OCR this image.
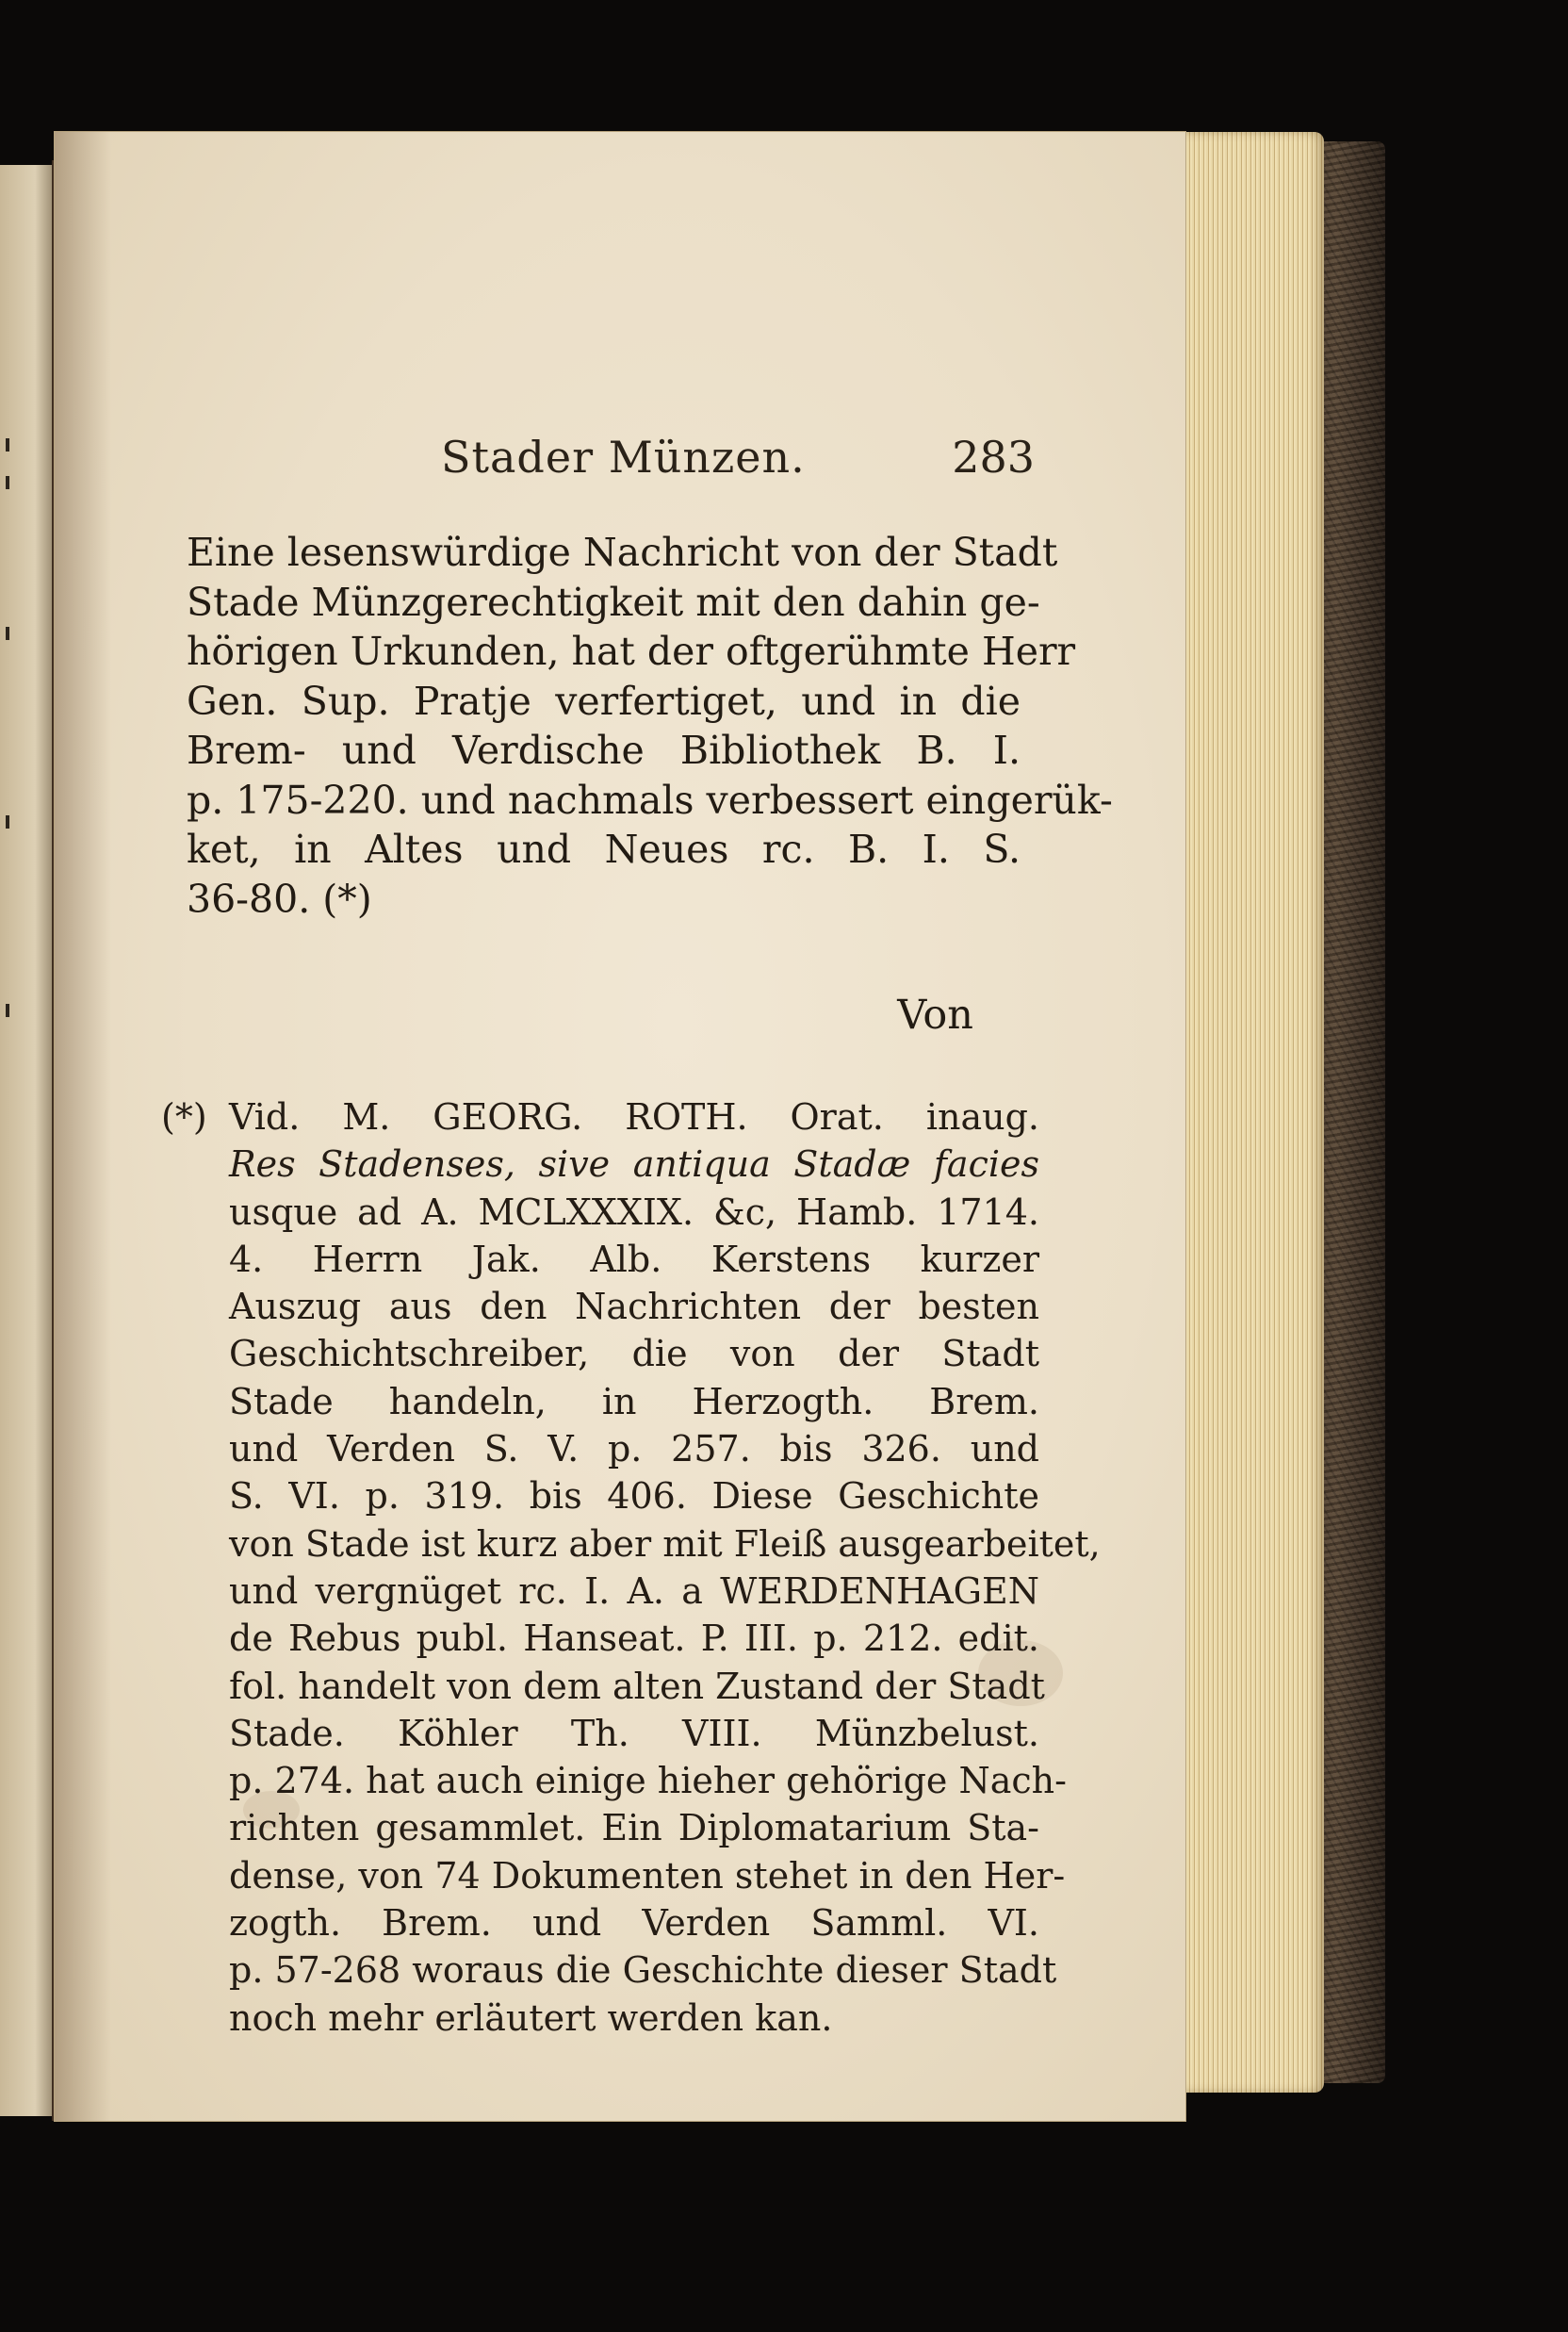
Stader Münzen.	283
Eine lesenswürdige Nachricht von der Stadt
Stade Münzgerechtigkeit mit den dahin ge-
hörigen Urkunden, hat der oftgerühmte Herr
Gen. Sup. Pratje verfertiget, und in die
Brem- und Verdische Bibliothek B. I.
p. 175-220. und nachmals verbessert eingerük-
ket, in Altes und Neues rc. B. I. S.
36-80. (*)
Von
(*) Vid. M. GEORG. ROTH. Orat. inaug.
Res Stadenses, sive antiqua Stadæ facies
usque ad A. MCLXXXIX. &c, Hamb. 1714.
4. Herrn Jak. Alb. Kerstens kurzer
Auszug aus den Nachrichten der besten
Geschichtschreiber, die von der Stadt
Stade handeln, in Herzogth. Brem.
und Verden S. V. p. 257. bis 326. und
S. VI. p. 319. bis 406. Diese Geschichte
von Stade ist kurz aber mit Fleiß ausgearbeitet,
und vergnüget rc. I. A. a WERDENHAGEN
de Rebus publ. Hanseat. P. III. p. 212. edit.
fol. handelt von dem alten Zustand der Stadt
Stade. Köhler Th. VIII. Münzbelust.
p. 274. hat auch einige hieher gehörige Nach-
richten gesammlet. Ein Diplomatarium Sta-
dense, von 74 Dokumenten stehet in den Her-
zogth. Brem. und Verden Samml. VI.
p. 57-268 woraus die Geschichte dieser Stadt
noch mehr erläutert werden kan.
